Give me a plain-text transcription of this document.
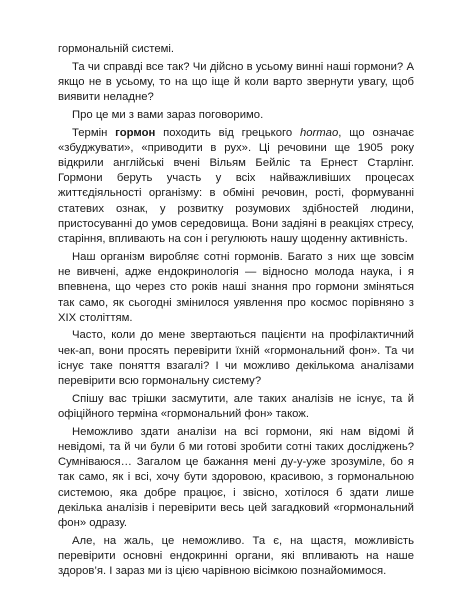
гормональній системі.

Та чи справді все так? Чи дійсно в усьому винні наші гормони? А якщо не в усьому, то на що іще й коли варто звернути увагу, щоб виявити неладне?

Про це ми з вами зараз поговоримо.

Термін гормон походить від грецького hormao, що означає «збуджувати», «приводити в рух». Ці речовини ще 1905 року відкрили англійські вчені Вільям Бейліс та Ернест Старлінг. Гормони беруть участь у всіх найважливіших процесах життєдіяльності організму: в обміні речовин, рості, формуванні статевих ознак, у розвитку розумових здібностей людини, пристосуванні до умов середовища. Вони задіяні в реакціях стресу, старіння, впливають на сон і регулюють нашу щоденну активність.

Наш організм виробляє сотні гормонів. Багато з них ще зовсім не вивчені, адже ендокринологія — відносно молода наука, і я впевнена, що через сто років наші знання про гормони зміняться так само, як сьогодні змінилося уявлення про космос порівняно з XIX століттям.

Часто, коли до мене звертаються пацієнти на профілактичний чек-ап, вони просять перевірити їхній «гормональний фон». Та чи існує таке поняття взагалі? І чи можливо декількома аналізами перевірити всю гормональну систему?

Спішу вас трішки засмутити, але таких аналізів не існує, та й офіційного терміна «гормональний фон» також.

Неможливо здати аналізи на всі гормони, які нам відомі й невідомі, та й чи були б ми готові зробити сотні таких досліджень? Сумніваюся… Загалом це бажання мені ду-у-уже зрозуміле, бо я так само, як і всі, хочу бути здоровою, красивою, з гормональною системою, яка добре працює, і звісно, хотілося б здати лише декілька аналізів і перевірити весь цей загадковий «гормональний фон» одразу.

Але, на жаль, це неможливо. Та є, на щастя, можливість перевірити основні ендокринні органи, які впливають на наше здоров’я. І зараз ми із цією чарівною вісімкою познайомимося.
